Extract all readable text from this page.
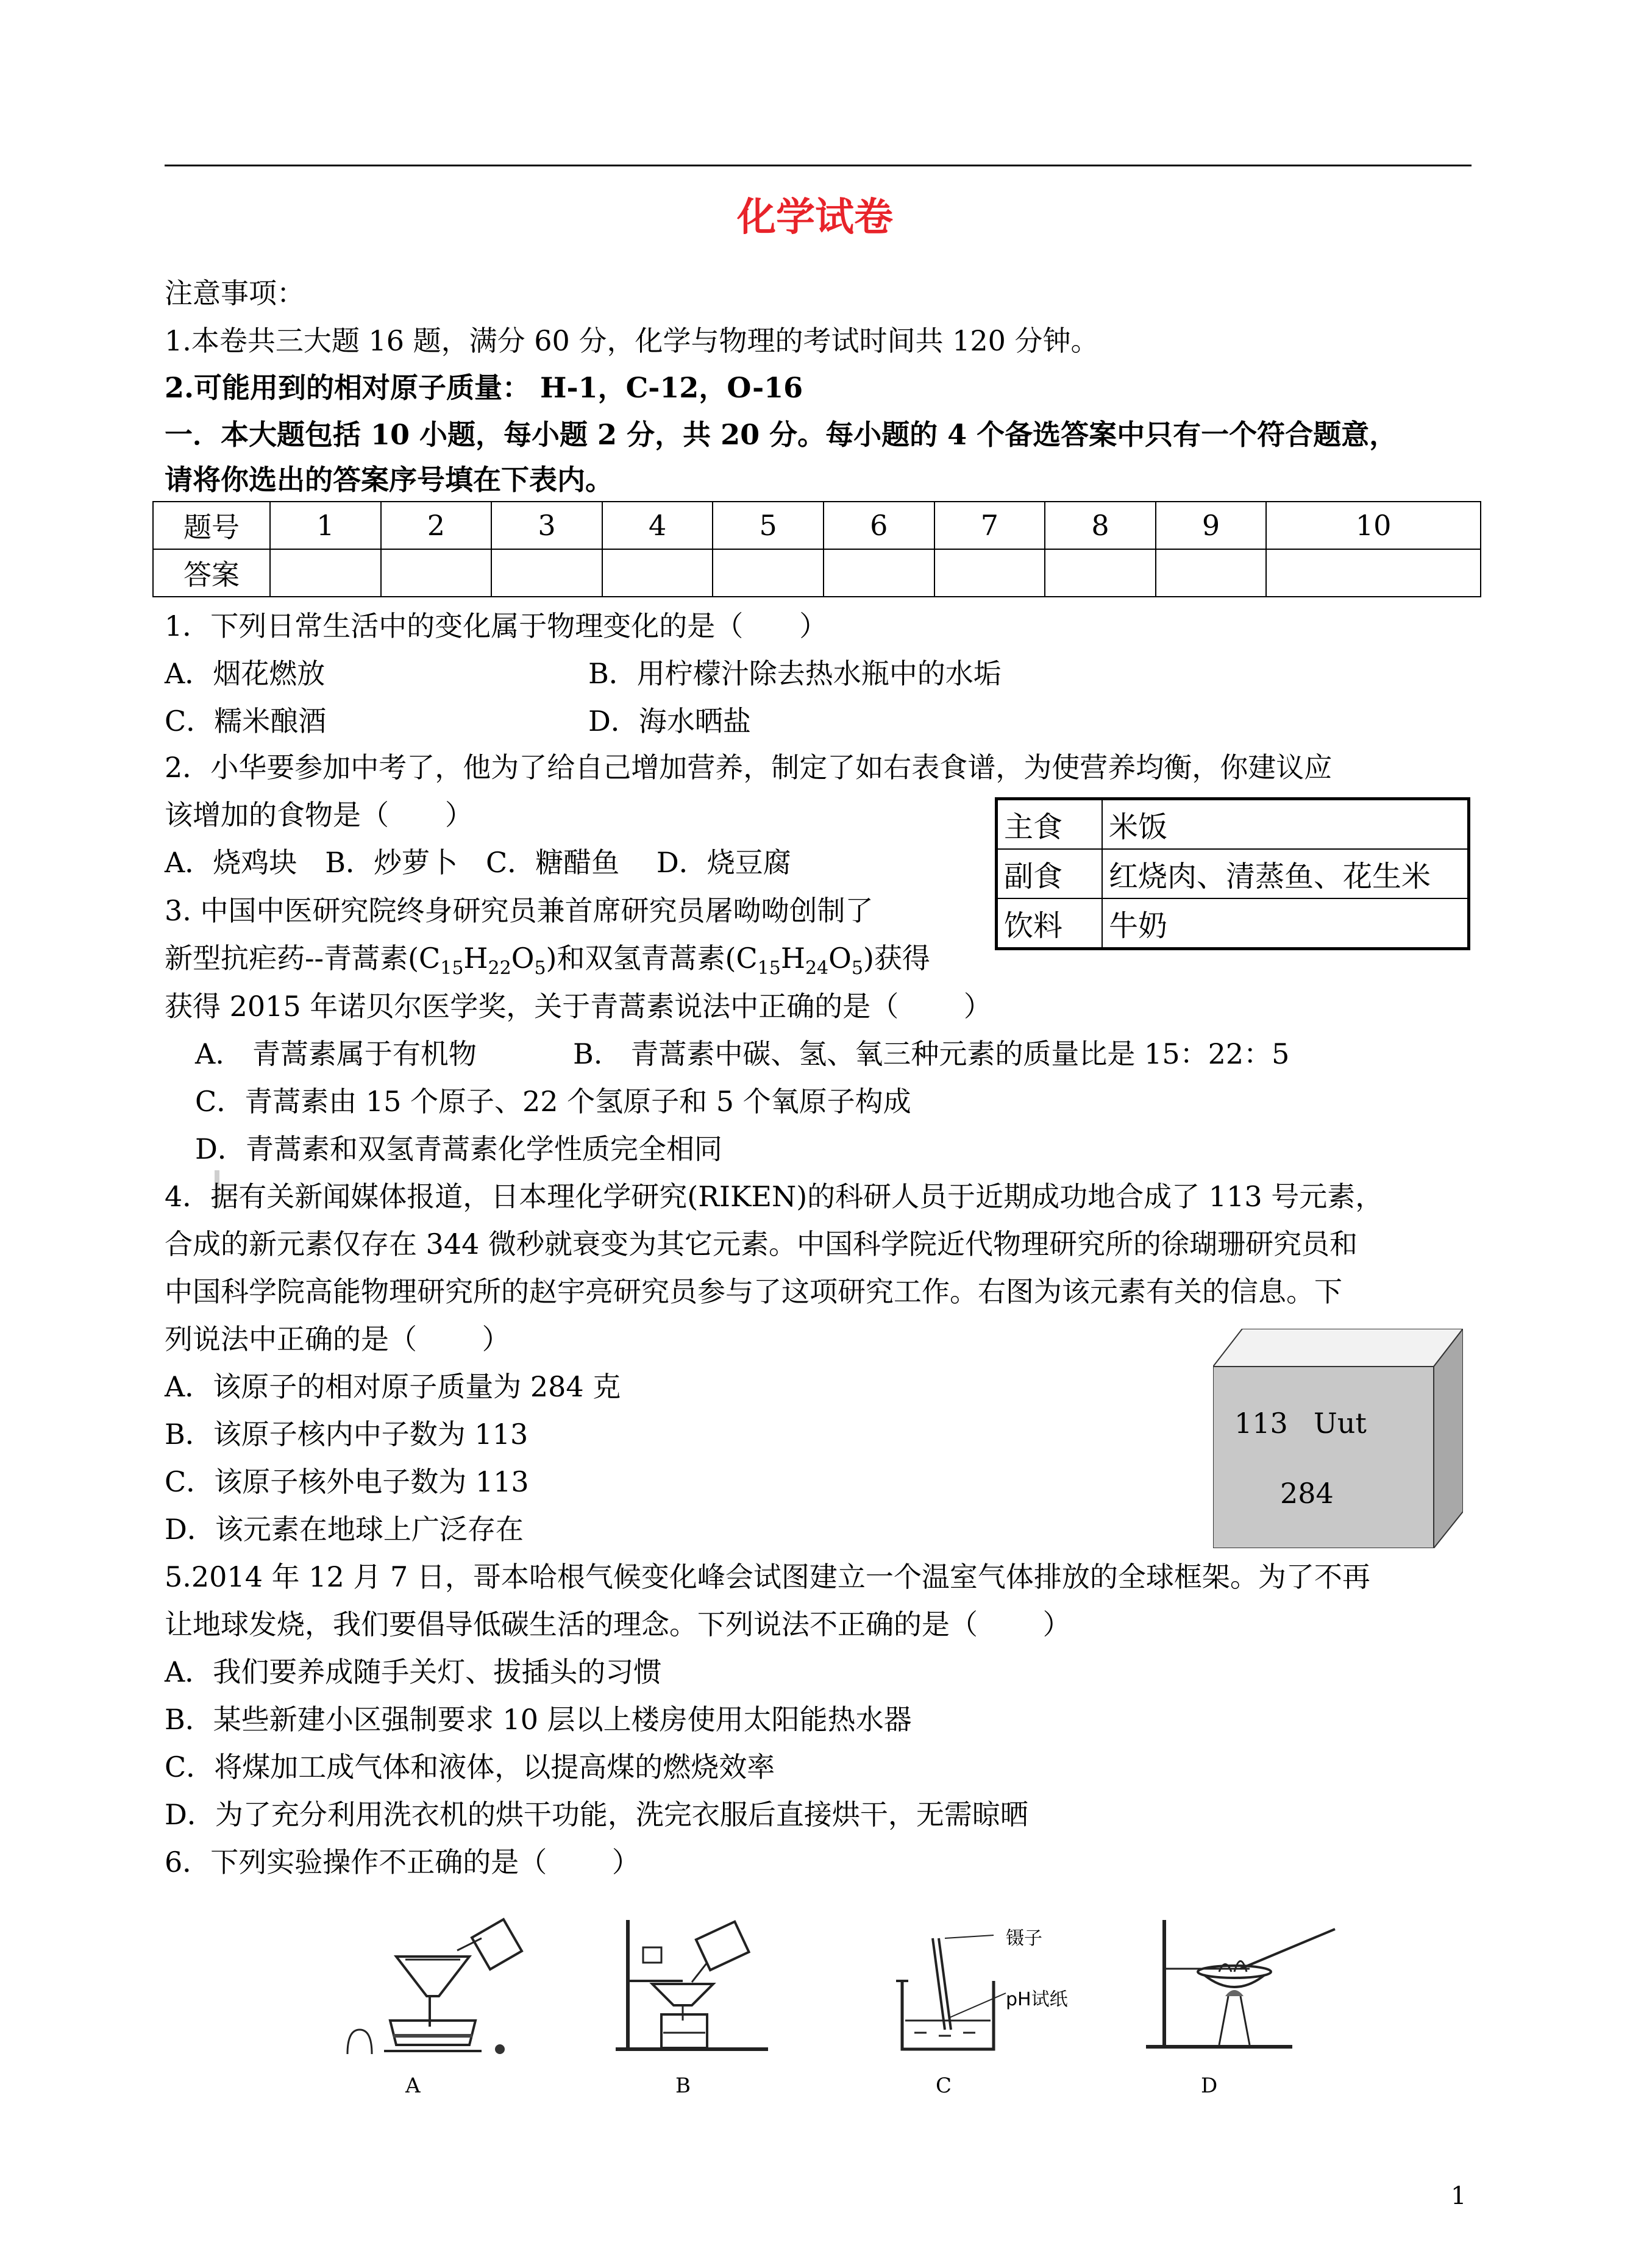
化学试卷
注意事项：
1.本卷共三大题 16 题，满分 60 分，化学与物理的考试时间共 120 分钟。
2.可能用到的相对原子质量： H-1，C-12，O-16
一．本大题包括 10 小题，每小题 2 分，共 20 分。每小题的 4 个备选答案中只有一个符合题意，
请将你选出的答案序号填在下表内。
题号	1	2	3	4	5	6	7	8	9	10
答案										
1．下列日常生活中的变化属于物理变化的是（　　）
A．烟花燃放	B．用柠檬汁除去热水瓶中的水垢
C．糯米酿酒	D．海水晒盐
2．小华要参加中考了，他为了给自己增加营养，制定了如右表食谱，为使营养均衡，你建议应
该增加的食物是（　　）
A．烧鸡块　B．炒萝卜　C．糖醋鱼　 D．烧豆腐
主食	米饭
副食	红烧肉、清蒸鱼、花生米
饮料	牛奶
3. 中国中医研究院终身研究员兼首席研究员屠呦呦创制了
新型抗疟药--青蒿素$(C_{15}H_{22}O_5)$和双氢青蒿素$(C_{15}H_{24}O_5)$获得
获得 2015 年诺贝尔医学奖，关于青蒿素说法中正确的是（　　 ）
A.　青蒿素属于有机物	B.　青蒿素中碳、氢、氧三种元素的质量比是 15：22：5
C．青蒿素由 15 个原子、22 个氢原子和 5 个氧原子构成
D．青蒿素和双氢青蒿素化学性质完全相同
4．据有关新闻媒体报道，日本理化学研究(RIKEN)的科研人员于近期成功地合成了 113 号元素，
合成的新元素仅存在 344 微秒就衰变为其它元素。中国科学院近代物理研究所的徐瑚珊研究员和
中国科学院高能物理研究所的赵宇亮研究员参与了这项研究工作。右图为该元素有关的信息。下
列说法中正确的是（　　 ）
A．该原子的相对原子质量为 284 克
B．该原子核内中子数为 113
C．该原子核外电子数为 113
D．该元素在地球上广泛存在
113 Uut
284
5.2014 年 12 月 7 日，哥本哈根气候变化峰会试图建立一个温室气体排放的全球框架。为了不再
让地球发烧，我们要倡导低碳生活的理念。下列说法不正确的是（　　 ）
A．我们要养成随手关灯、拔插头的习惯
B．某些新建小区强制要求 10 层以上楼房使用太阳能热水器
C．将煤加工成气体和液体，以提高煤的燃烧效率
D．为了充分利用洗衣机的烘干功能，洗完衣服后直接烘干，无需晾晒
6．下列实验操作不正确的是（　　 ）
A	B
镊子
pH试纸
C	D
1
